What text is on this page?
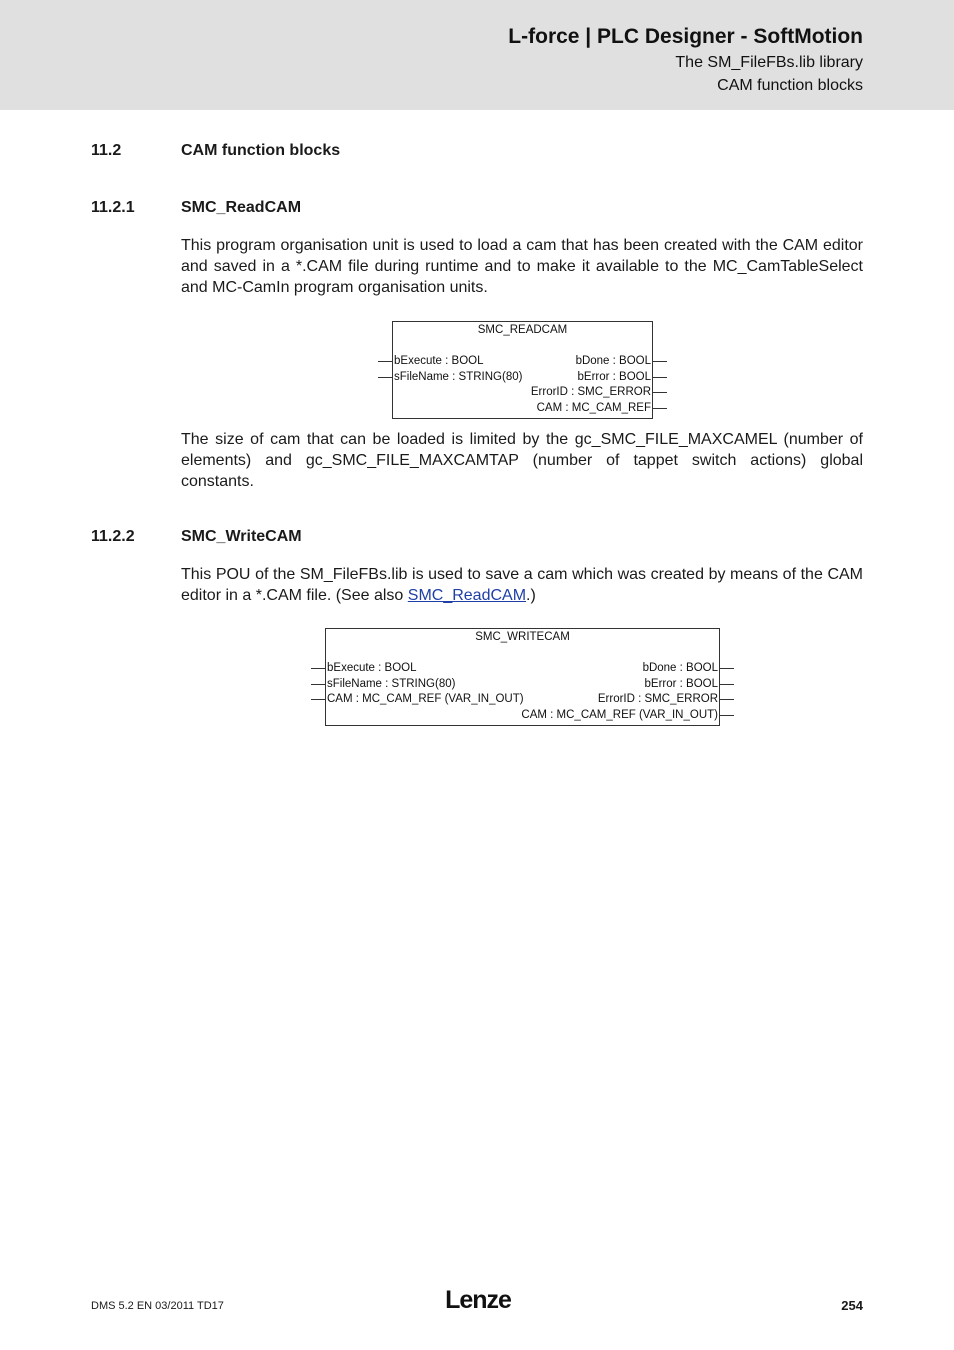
L-force | PLC Designer - SoftMotion
The SM_FileFBs.lib library
CAM function blocks
11.2	CAM function blocks
11.2.1	SMC_ReadCAM
This program organisation unit is used to load a cam that has been created with the CAM editor and saved in a *.CAM file during runtime and to make it available to the MC_CamTableSelect and MC-CamIn program organisation units.
SMC_READCAM
bExecute : BOOL
sFileName : STRING(80)
bDone : BOOL
bError : BOOL
ErrorID : SMC_ERROR
CAM : MC_CAM_REF
The size of cam that can be loaded is limited by the gc_SMC_FILE_MAXCAMEL (number of elements) and gc_SMC_FILE_MAXCAMTAP (number of tappet switch actions) global constants.
11.2.2	SMC_WriteCAM
This POU of the SM_FileFBs.lib is used to save a cam which was created by means of the CAM editor in a *.CAM file. (See also SMC_ReadCAM.)
SMC_WRITECAM
bExecute : BOOL
sFileName : STRING(80)
CAM : MC_CAM_REF (VAR_IN_OUT)
bDone : BOOL
bError : BOOL
ErrorID : SMC_ERROR
CAM : MC_CAM_REF (VAR_IN_OUT)
DMS 5.2 EN 03/2011 TD17	Lenze	254
